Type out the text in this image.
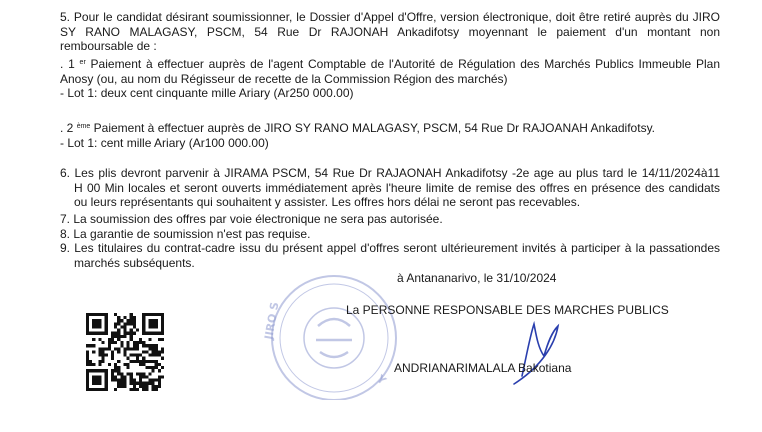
5. Pour le candidat désirant soumissionner, le Dossier d'Appel d'Offre, version électronique, doit être retiré auprès du JIRO
SY RANO MALAGASY, PSCM, 54 Rue Dr RAJONAH Ankadifotsy moyennant le paiement d'un montant non
remboursable de :
. 1 $^{er}$ Paiement à effectuer auprès de l'agent Comptable de l'Autorité de Régulation des Marchés Publics Immeuble Plan
Anosy (ou, au nom du Régisseur de recette de la Commission Région des marchés)
- Lot 1: deux cent cinquante mille Ariary (Ar250 000.00)
. 2 $^{ème}$ Paiement à effectuer auprès de JIRO SY RANO MALAGASY, PSCM, 54 Rue Dr RAJOANAH Ankadifotsy.
- Lot 1: cent mille Ariary (Ar100 000.00)
6. Les plis devront parvenir à JIRAMA PSCM, 54 Rue Dr RAJAONAH Ankadifotsy -2e age au plus tard le 14/11/2024à11
H 00 Min locales et seront ouverts immédiatement après l'heure limite de remise des offres en présence des candidats
ou leurs représentants qui souhaitent y assister. Les offres hors délai ne seront pas recevables.
7. La soumission des offres par voie électronique ne sera pas autorisée.
8. La garantie de soumission n'est pas requise.
9. Les titulaires du contrat-cadre issu du présent appel d'offres seront ultérieurement invités à participer à la passationdes
marchés subséquents.
à Antananarivo, le 31/10/2024
JIRO S
Y
La PERSONNE RESPONSABLE DES MARCHES PUBLICS
ANDRIANARIMALALA Bakotiana
